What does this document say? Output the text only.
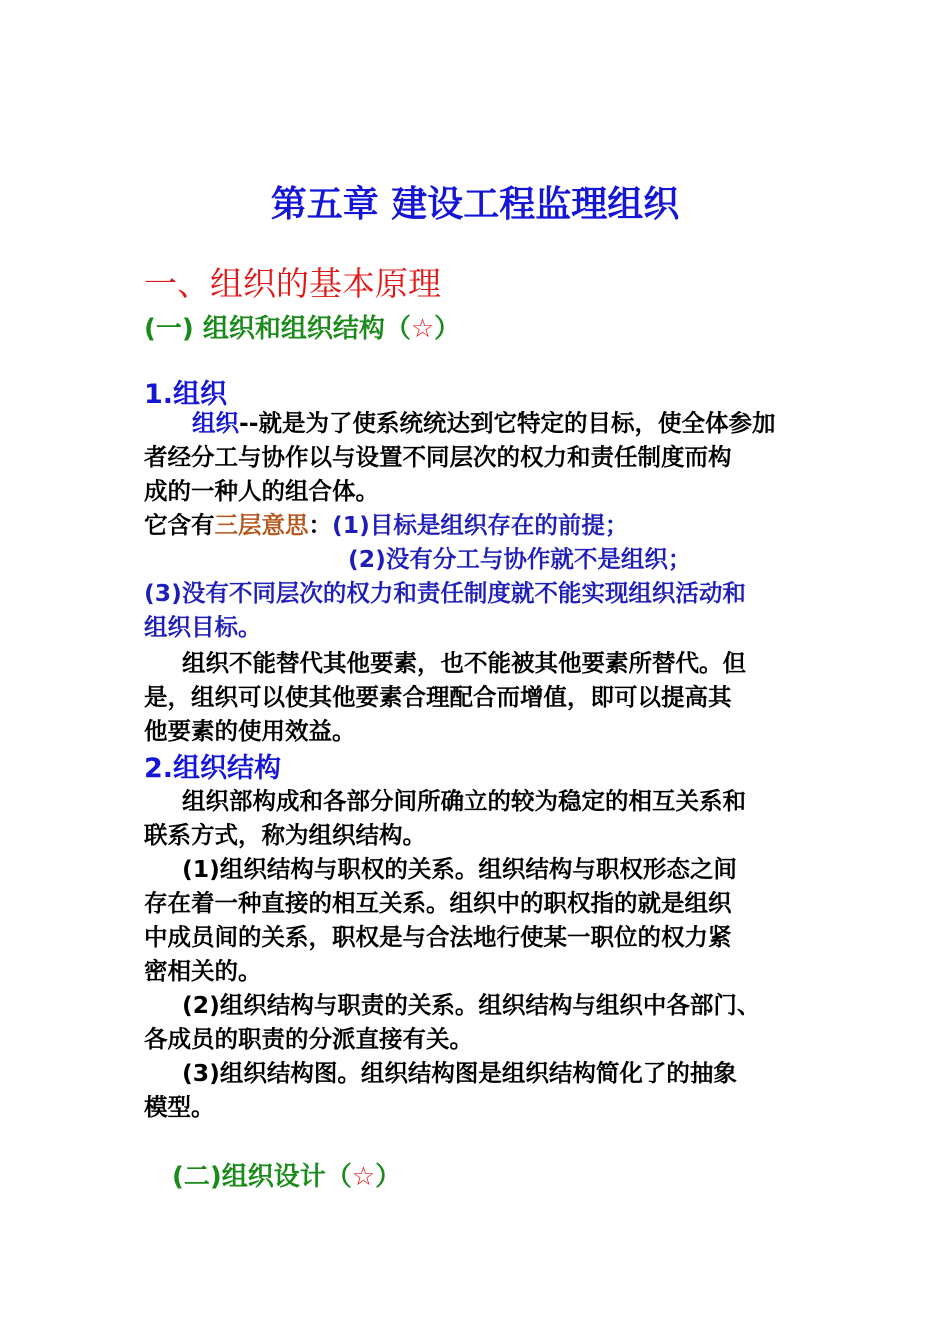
第五章 建设工程监理组织
一、组织的基本原理
(一) 组织和组织结构（☆）
1.组织
组织--就是为了使系统统达到它特定的目标，使全体参加
者经分工与协作以与设置不同层次的权力和责任制度而构
成的一种人的组合体。
它含有三层意思：(1)目标是组织存在的前提；
(2)没有分工与协作就不是组织；
(3)没有不同层次的权力和责任制度就不能实现组织活动和
组织目标。
组织不能替代其他要素，也不能被其他要素所替代。但
是，组织可以使其他要素合理配合而增值，即可以提高其
他要素的使用效益。
2.组织结构
组织部构成和各部分间所确立的较为稳定的相互关系和
联系方式，称为组织结构。
(1)组织结构与职权的关系。组织结构与职权形态之间
存在着一种直接的相互关系。组织中的职权指的就是组织
中成员间的关系，职权是与合法地行使某一职位的权力紧
密相关的。
(2)组织结构与职责的关系。组织结构与组织中各部门、
各成员的职责的分派直接有关。
(3)组织结构图。组织结构图是组织结构简化了的抽象
模型。
(二)组织设计（☆）
